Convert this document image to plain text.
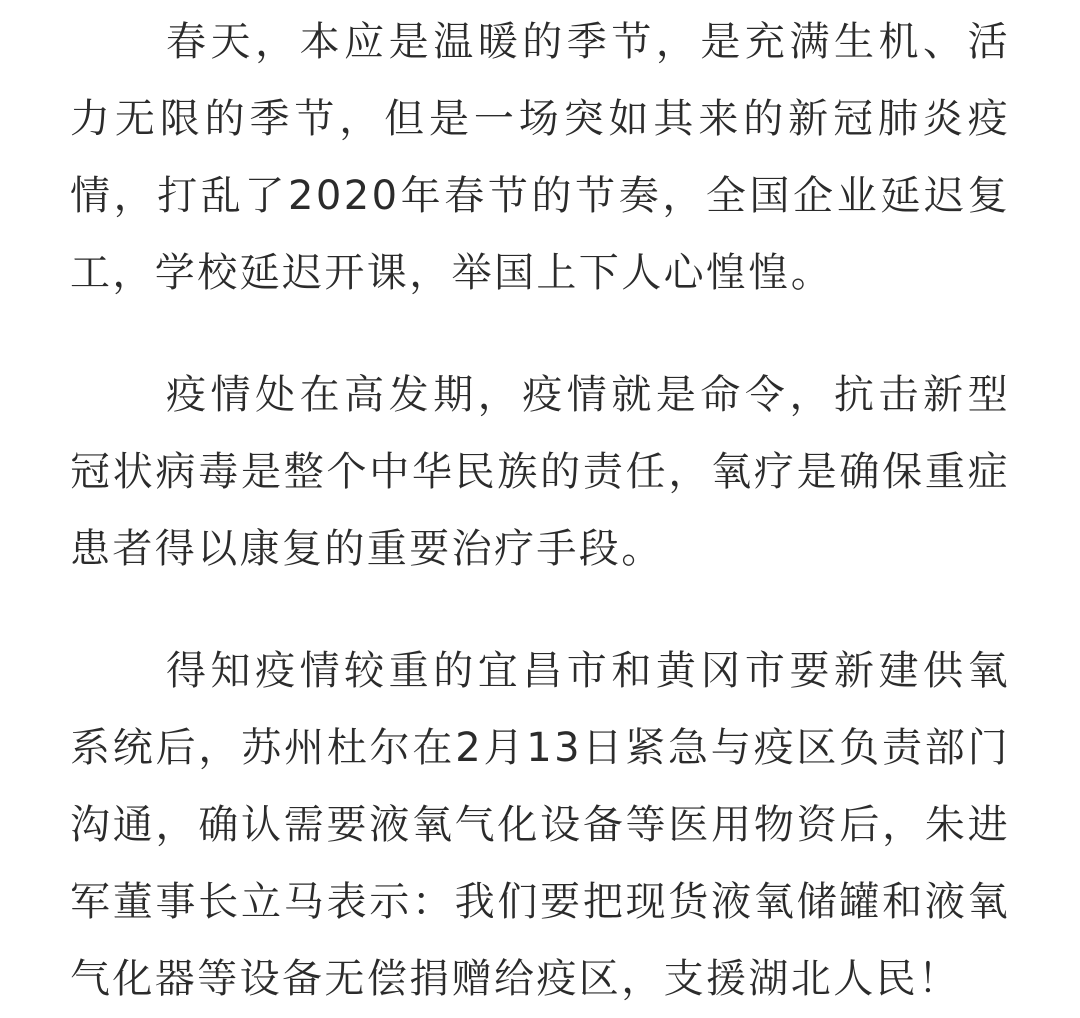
春天，本应是温暖的季节，是充满生机、活力无限的季节，但是一场突如其来的新冠肺炎疫情，打乱了2020年春节的节奏，全国企业延迟复工，学校延迟开课，举国上下人心惶惶。

疫情处在高发期，疫情就是命令，抗击新型冠状病毒是整个中华民族的责任，氧疗是确保重症患者得以康复的重要治疗手段。

得知疫情较重的宜昌市和黄冈市要新建供氧系统后，苏州杜尔在2月13日紧急与疫区负责部门沟通，确认需要液氧气化设备等医用物资后，朱进军董事长立马表示：我们要把现货液氧储罐和液氧气化器等设备无偿捐赠给疫区，支援湖北人民！
